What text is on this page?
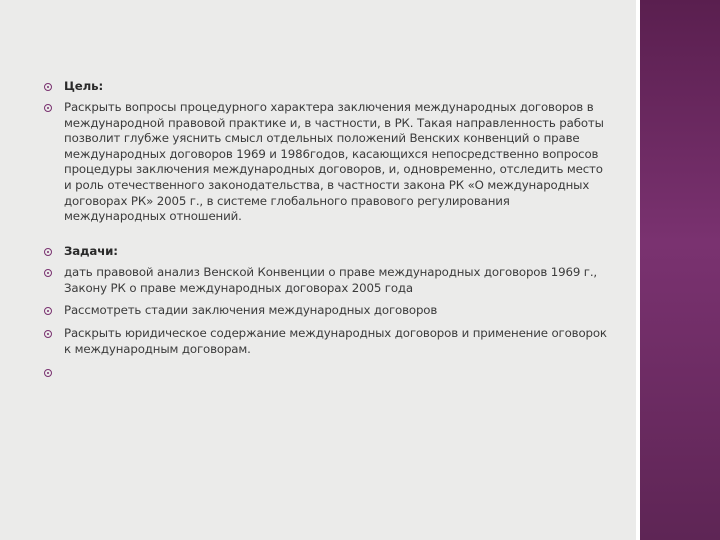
Цель:
Раскрыть вопросы процедурного характера заключения международных договоров в международной правовой практике и, в частности, в РК. Такая направленность работы позволит глубже уяснить смысл отдельных положений Венских конвенций о праве международных договоров 1969 и 1986годов, касающихся непосредственно вопросов процедуры заключения международных договоров, и, одновременно, отследить место и роль отечественного законодательства, в частности закона РК «О международных договорах РК» 2005 г., в системе глобального правового регулирования международных отношений.
Задачи:
дать правовой анализ Венской Конвенции о праве международных договоров 1969 г., Закону РК о праве международных договорах 2005 года
Рассмотреть стадии заключения международных договоров
Раскрыть юридическое содержание международных договоров и применение оговорок к международным договорам.
